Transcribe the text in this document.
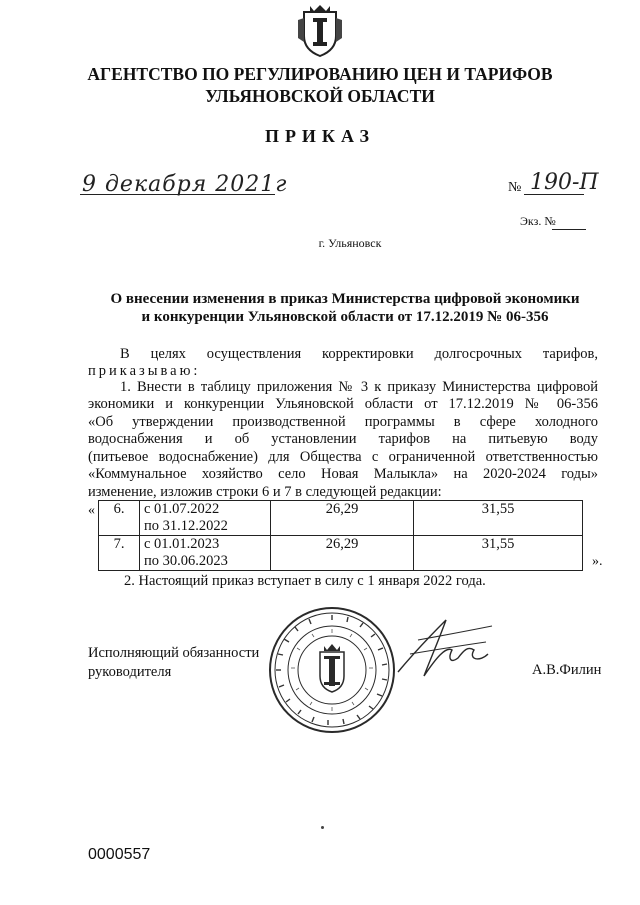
АГЕНТСТВО ПО РЕГУЛИРОВАНИЮ ЦЕН И ТАРИФОВ
УЛЬЯНОВСКОЙ ОБЛАСТИ
ПРИКАЗ
9 декабря 2021г	№ 190-П
Экз. №
г. Ульяновск
О внесении изменения в приказ Министерства цифровой экономики
и конкуренции Ульяновской области от 17.12.2019 № 06-356
В целях осуществления корректировки долгосрочных тарифов,
приказываю:
1. Внести в таблицу приложения № 3 к приказу Министерства цифровой
экономики и конкуренции Ульяновской области от 17.12.2019 № 06-356
«Об утверждении производственной программы в сфере холодного
водоснабжения и об установлении тарифов на питьевую воду
(питьевое водоснабжение) для Общества с ограниченной ответственностью
«Коммунальное хозяйство село Новая Малыкла» на 2020-2024 годы»
изменение, изложив строки 6 и 7 в следующей редакции:
« 6.	с 01.07.2022
по 31.12.2022	26,29	31,55
7.	с 01.01.2023
по 30.06.2023	26,29	31,55
».
2. Настоящий приказ вступает в силу с 1 января 2022 года.
Исполняющий обязанности
руководителя	А.В.Филин
0000557
